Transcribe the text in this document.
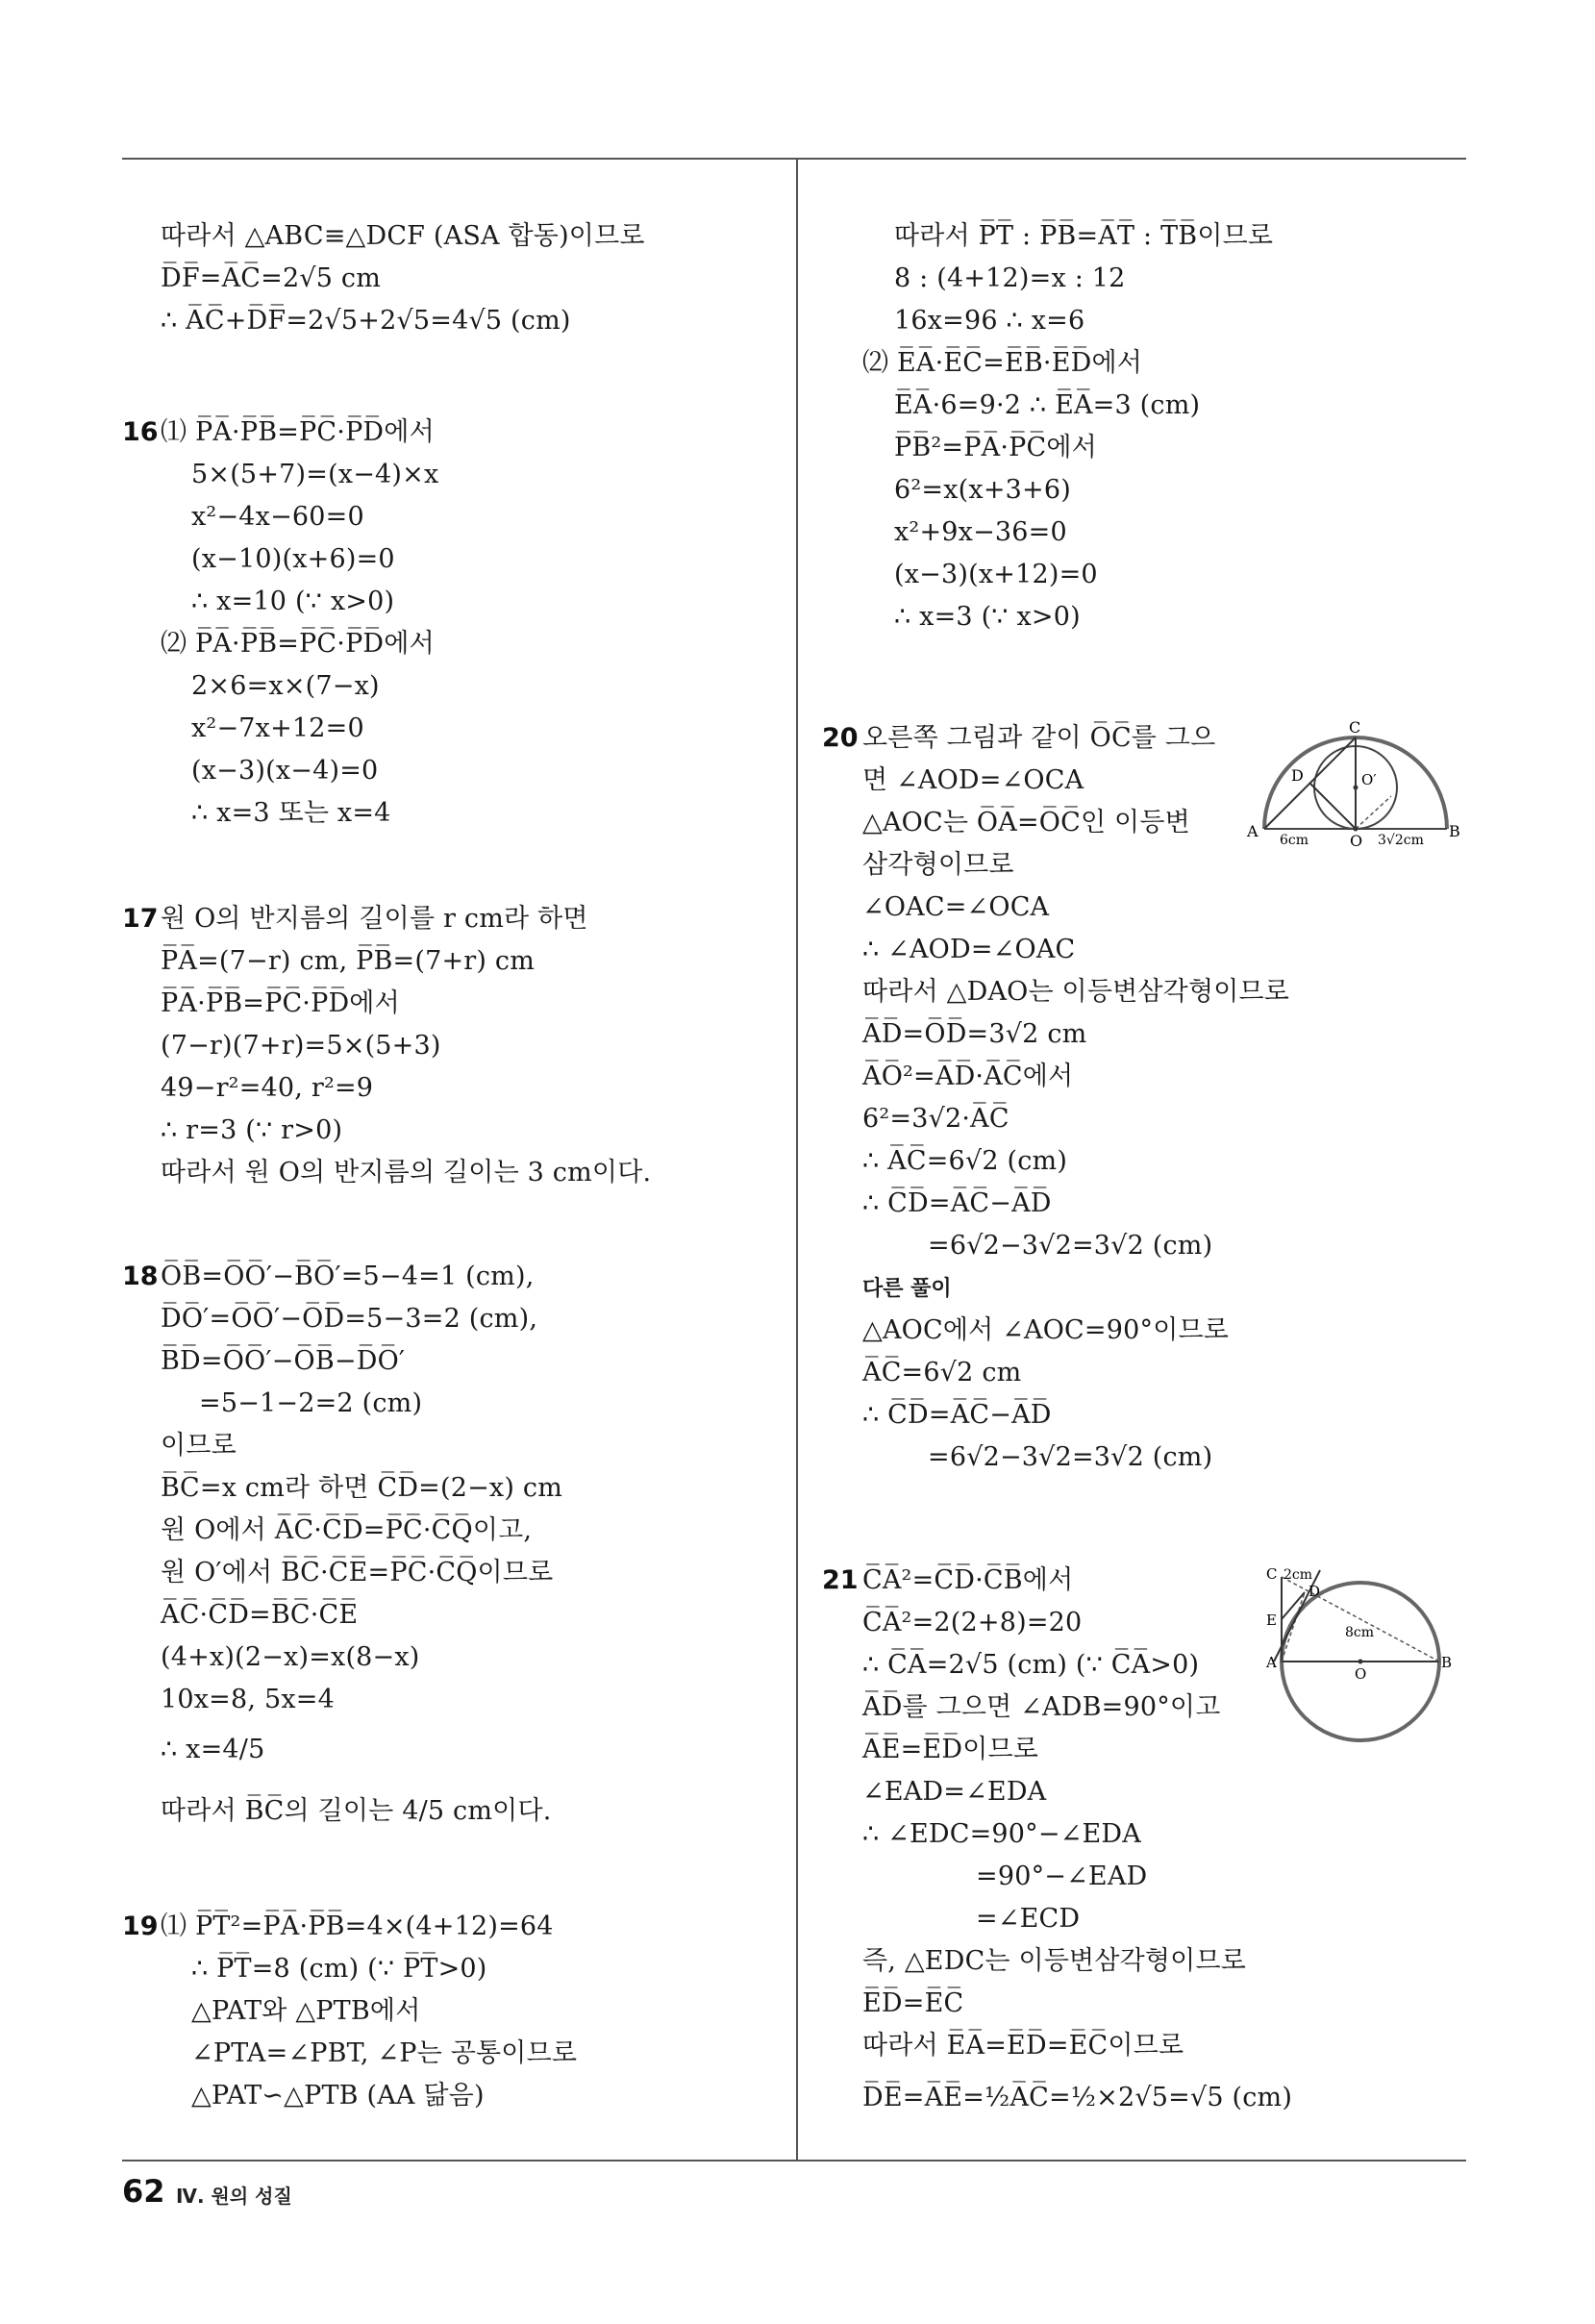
따라서 △ABC≡△DCF (ASA 합동)이므로
D̅F̅=A̅C̅=2√5 cm
∴ A̅C̅+D̅F̅=2√5+2√5=4√5 (cm)
16 ⑴ P̅A̅·P̅B̅=P̅C̅·P̅D̅에서
5×(5+7)=(x−4)×x
x²−4x−60=0
(x−10)(x+6)=0
∴ x=10 (∵ x>0)
⑵ P̅A̅·P̅B̅=P̅C̅·P̅D̅에서
2×6=x×(7−x)
x²−7x+12=0
(x−3)(x−4)=0
∴ x=3 또는 x=4
17 원 O의 반지름의 길이를 r cm라 하면
P̅A̅=(7−r) cm, P̅B̅=(7+r) cm
P̅A̅·P̅B̅=P̅C̅·P̅D̅에서
(7−r)(7+r)=5×(5+3)
49−r²=40, r²=9
∴ r=3 (∵ r>0)
따라서 원 O의 반지름의 길이는 3 cm이다.
18 O̅B̅=O̅O̅′−B̅O̅′=5−4=1 (cm),
D̅O̅′=O̅O̅′−O̅D̅=5−3=2 (cm),
B̅D̅=O̅O̅′−O̅B̅−D̅O̅′
=5−1−2=2 (cm)
이므로
B̅C̅=x cm라 하면 C̅D̅=(2−x) cm
원 O에서 A̅C̅·C̅D̅=P̅C̅·C̅Q̅이고,
원 O′에서 B̅C̅·C̅E̅=P̅C̅·C̅Q̅이므로
A̅C̅·C̅D̅=B̅C̅·C̅E̅
(4+x)(2−x)=x(8−x)
10x=8, 5x=4
∴ x=4/5
따라서 B̅C̅의 길이는 4/5 cm이다.
19 ⑴ P̅T̅²=P̅A̅·P̅B̅=4×(4+12)=64
∴ P̅T̅=8 (cm) (∵ P̅T̅>0)
△PAT와 △PTB에서
∠PTA=∠PBT, ∠P는 공통이므로
△PAT∽△PTB (AA 닮음)
따라서 P̅T̅ : P̅B̅=A̅T̅ : T̅B̅이므로
8 : (4+12)=x : 12
16x=96 ∴ x=6
⑵ E̅A̅·E̅C̅=E̅B̅·E̅D̅에서
E̅A̅·6=9·2 ∴ E̅A̅=3 (cm)
P̅B̅²=P̅A̅·P̅C̅에서
6²=x(x+3+6)
x²+9x−36=0
(x−3)(x+12)=0
∴ x=3 (∵ x>0)
20 오른쪽 그림과 같이 O̅C̅를 그으
면 ∠AOD=∠OCA
△AOC는 O̅A̅=O̅C̅인 이등변
삼각형이므로
∠OAC=∠OCA
∴ ∠AOD=∠OAC
따라서 △DAO는 이등변삼각형이므로
A̅D̅=O̅D̅=3√2 cm
A̅O̅²=A̅D̅·A̅C̅에서
6²=3√2·A̅C̅
∴ A̅C̅=6√2 (cm)
∴ C̅D̅=A̅C̅−A̅D̅
=6√2−3√2=3√2 (cm)
다른 풀이
△AOC에서 ∠AOC=90°이므로
A̅C̅=6√2 cm
∴ C̅D̅=A̅C̅−A̅D̅
=6√2−3√2=3√2 (cm)
C
D	O′
A
O
B
6cm	3√2cm
21 C̅A̅²=C̅D̅·C̅B̅에서
C̅A̅²=2(2+8)=20
∴ C̅A̅=2√5 (cm) (∵ C̅A̅>0)
A̅D̅를 그으면 ∠ADB=90°이고
A̅E̅=E̅D̅이므로
∠EAD=∠EDA
∴ ∠EDC=90°−∠EDA
=90°−∠EAD
=∠ECD
즉, △EDC는 이등변삼각형이므로
E̅D̅=E̅C̅
따라서 E̅A̅=E̅D̅=E̅C̅이므로
D̅E̅=A̅E̅=½A̅C̅=½×2√5=√5 (cm)
C 2cm
D
E
A
O
B
8cm
62 Ⅳ. 원의 성질
